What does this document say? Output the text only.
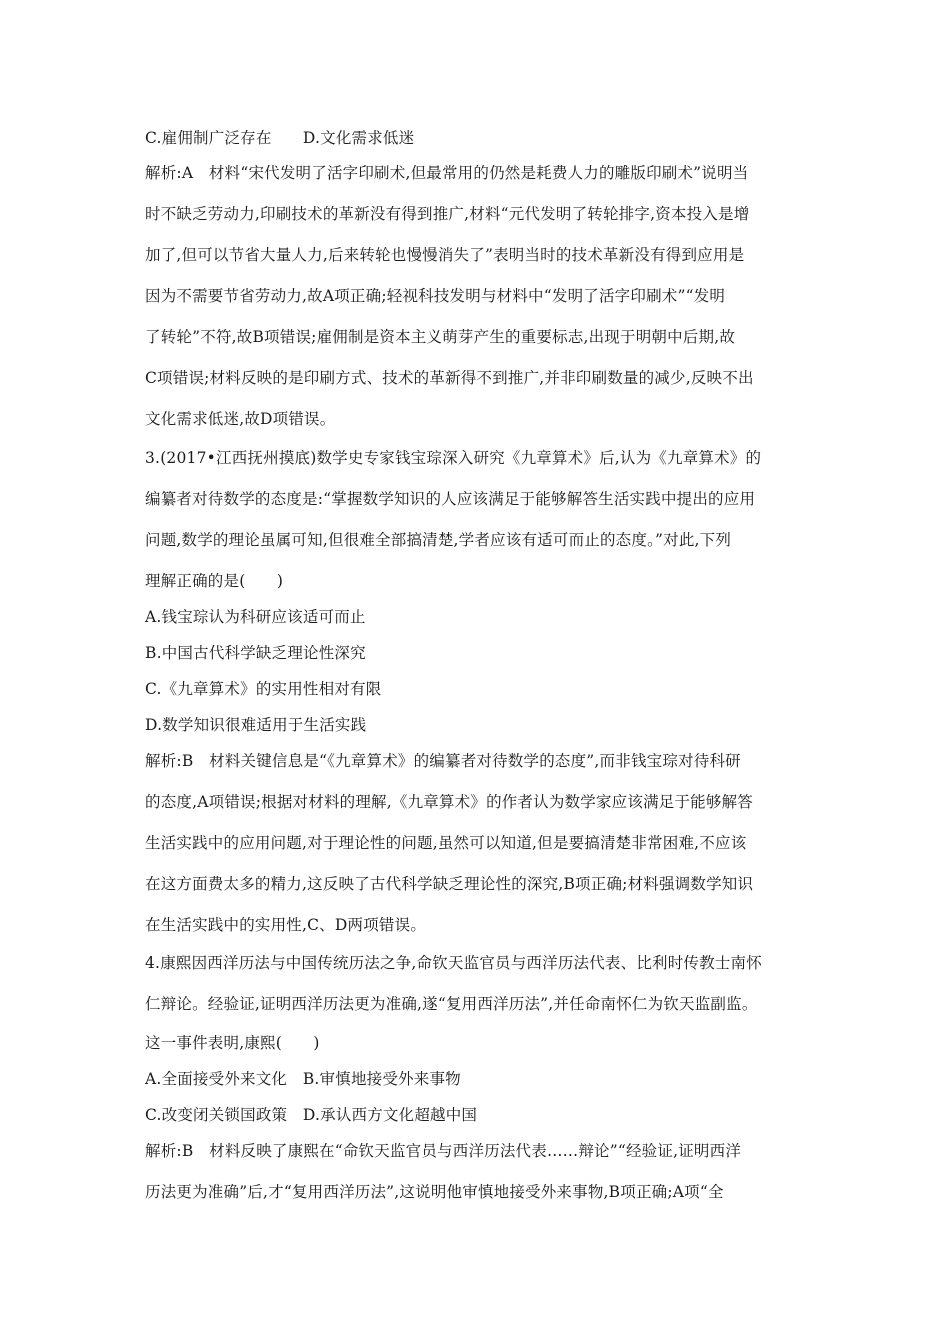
C.雇佣制广泛存在　　D.文化需求低迷
解析:A　材料“宋代发明了活字印刷术,但最常用的仍然是耗费人力的雕版印刷术”说明当
时不缺乏劳动力,印刷技术的革新没有得到推广,材料“元代发明了转轮排字,资本投入是增
加了,但可以节省大量人力,后来转轮也慢慢消失了”表明当时的技术革新没有得到应用是
因为不需要节省劳动力,故A项正确;轻视科技发明与材料中“发明了活字印刷术”“发明
了转轮”不符,故B项错误;雇佣制是资本主义萌芽产生的重要标志,出现于明朝中后期,故
C项错误;材料反映的是印刷方式、技术的革新得不到推广,并非印刷数量的减少,反映不出
文化需求低迷,故D项错误。
3.(2017•江西抚州摸底)数学史专家钱宝琮深入研究《九章算术》后,认为《九章算术》的
编纂者对待数学的态度是:“掌握数学知识的人应该满足于能够解答生活实践中提出的应用
问题,数学的理论虽属可知,但很难全部搞清楚,学者应该有适可而止的态度。”对此,下列
理解正确的是(　　)
A.钱宝琮认为科研应该适可而止
B.中国古代科学缺乏理论性深究
C.《九章算术》的实用性相对有限
D.数学知识很难适用于生活实践
解析:B　材料关键信息是“《九章算术》的编纂者对待数学的态度”,而非钱宝琮对待科研
的态度,A项错误;根据对材料的理解,《九章算术》的作者认为数学家应该满足于能够解答
生活实践中的应用问题,对于理论性的问题,虽然可以知道,但是要搞清楚非常困难,不应该
在这方面费太多的精力,这反映了古代科学缺乏理论性的深究,B项正确;材料强调数学知识
在生活实践中的实用性,C、D两项错误。
4.康熙因西洋历法与中国传统历法之争,命钦天监官员与西洋历法代表、比利时传教士南怀
仁辩论。经验证,证明西洋历法更为准确,遂“复用西洋历法”,并任命南怀仁为钦天监副监。
这一事件表明,康熙(　　)
A.全面接受外来文化　B.审慎地接受外来事物
C.改变闭关锁国政策　D.承认西方文化超越中国
解析:B　材料反映了康熙在“命钦天监官员与西洋历法代表……辩论”“经验证,证明西洋
历法更为准确”后,才“复用西洋历法”,这说明他审慎地接受外来事物,B项正确;A项“全
